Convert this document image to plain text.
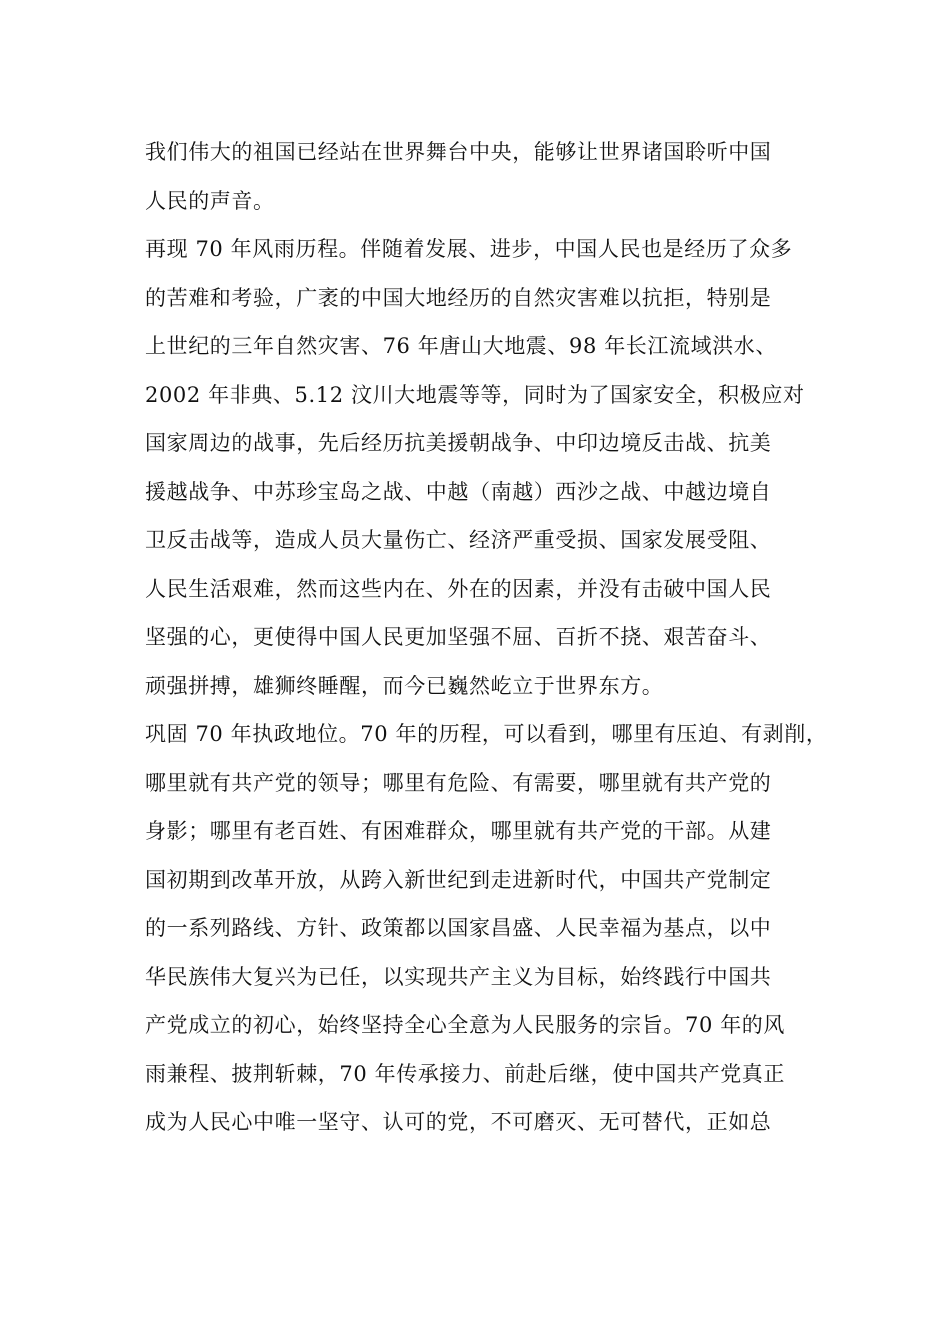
我们伟大的祖国已经站在世界舞台中央，能够让世界诸国聆听中国
人民的声音。
再现 70 年风雨历程。伴随着发展、进步，中国人民也是经历了众多
的苦难和考验，广袤的中国大地经历的自然灾害难以抗拒，特别是
上世纪的三年自然灾害、76 年唐山大地震、98 年长江流域洪水、
2002 年非典、5.12 汶川大地震等等，同时为了国家安全，积极应对
国家周边的战事，先后经历抗美援朝战争、中印边境反击战、抗美
援越战争、中苏珍宝岛之战、中越（南越）西沙之战、中越边境自
卫反击战等，造成人员大量伤亡、经济严重受损、国家发展受阻、
人民生活艰难，然而这些内在、外在的因素，并没有击破中国人民
坚强的心，更使得中国人民更加坚强不屈、百折不挠、艰苦奋斗、
顽强拼搏，雄狮终睡醒，而今已巍然屹立于世界东方。
巩固 70 年执政地位。70 年的历程，可以看到，哪里有压迫、有剥削，
哪里就有共产党的领导；哪里有危险、有需要，哪里就有共产党的
身影；哪里有老百姓、有困难群众，哪里就有共产党的干部。从建
国初期到改革开放，从跨入新世纪到走进新时代，中国共产党制定
的一系列路线、方针、政策都以国家昌盛、人民幸福为基点，以中
华民族伟大复兴为已任，以实现共产主义为目标，始终践行中国共
产党成立的初心，始终坚持全心全意为人民服务的宗旨。70 年的风
雨兼程、披荆斩棘，70 年传承接力、前赴后继，使中国共产党真正
成为人民心中唯一坚守、认可的党，不可磨灭、无可替代，正如总
